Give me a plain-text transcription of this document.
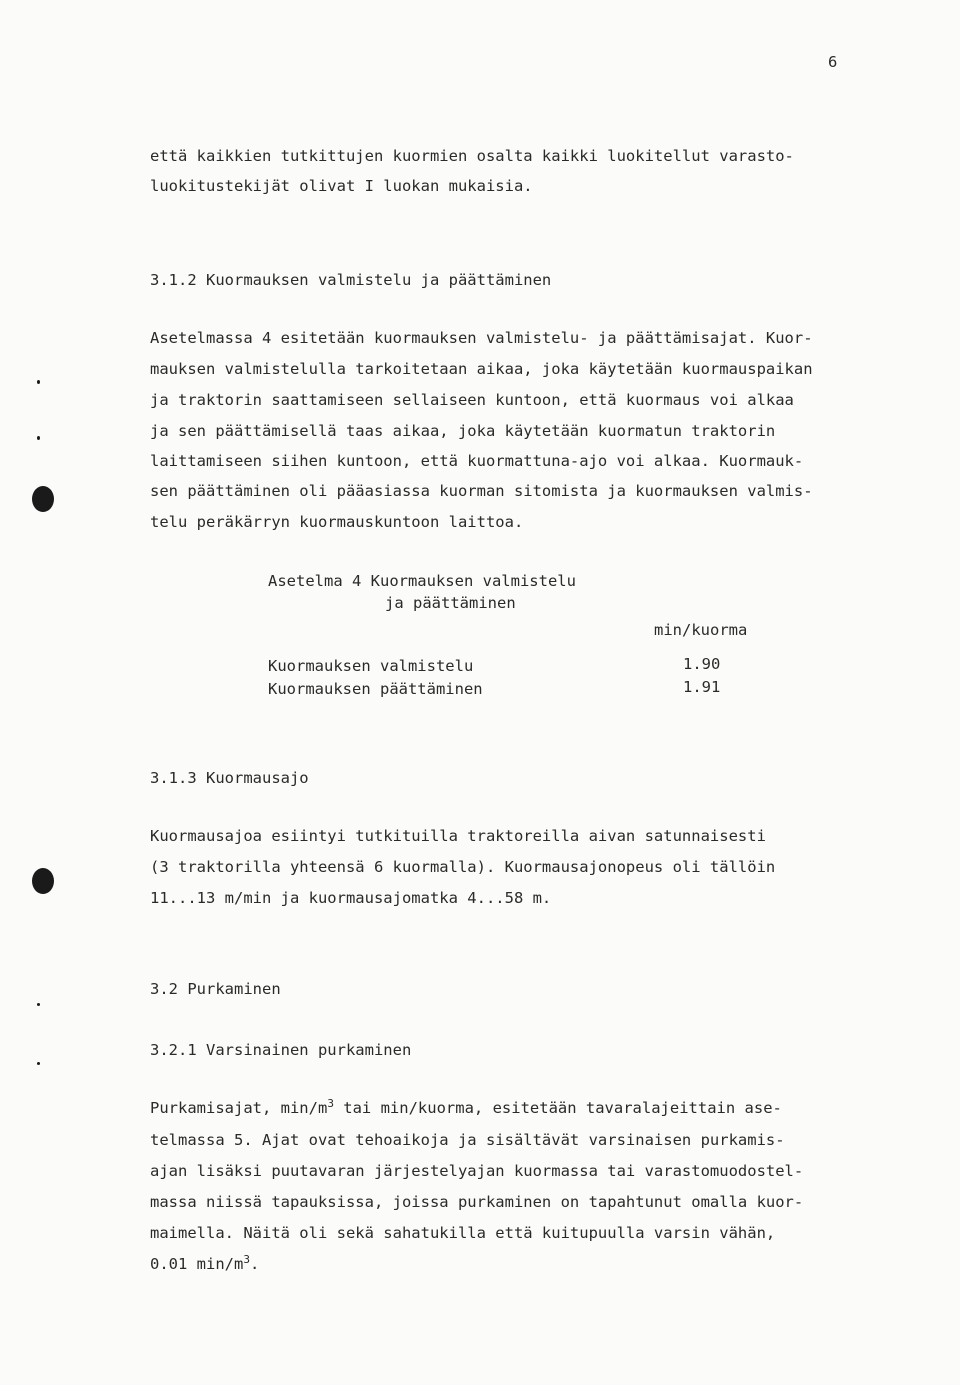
6
että kaikkien tutkittujen kuormien osalta kaikki luokitellut varasto-
luokitustekijät olivat I luokan mukaisia.
3.1.2 Kuormauksen valmistelu ja päättäminen
Asetelmassa 4 esitetään kuormauksen valmistelu- ja päättämisajat. Kuor-
mauksen valmistelulla tarkoitetaan aikaa, joka käytetään kuormauspaikan
ja traktorin saattamiseen sellaiseen kuntoon, että kuormaus voi alkaa
ja sen päättämisellä taas aikaa, joka käytetään kuormatun traktorin
laittamiseen siihen kuntoon, että kuormattuna-ajo voi alkaa. Kuormauk-
sen päättäminen oli pääasiassa kuorman sitomista ja kuormauksen valmis-
telu peräkärryn kuormauskuntoon laittoa.
Asetelma 4 Kuormauksen valmistelu
ja päättäminen
min/kuorma
Kuormauksen valmistelu	1.90
Kuormauksen päättäminen	1.91
3.1.3 Kuormausajo
Kuormausajoa esiintyi tutkituilla traktoreilla aivan satunnaisesti
(3 traktorilla yhteensä 6 kuormalla). Kuormausajonopeus oli tällöin
11...13 m/min ja kuormausajomatka 4...58 m.
3.2 Purkaminen
3.2.1 Varsinainen purkaminen
Purkamisajat, $\min/m^3$ tai min/kuorma, esitetään tavaralajeittain ase-
telmassa 5. Ajat ovat tehoaikoja ja sisältävät varsinaisen purkamis-
ajan lisäksi puutavaran järjestelyajan kuormassa tai varastomuodostel-
massa niissä tapauksissa, joissa purkaminen on tapahtunut omalla kuor-
maimella. Näitä oli sekä sahatukilla että kuitupuulla varsin vähän,
0.01 $\min/m^3$.
